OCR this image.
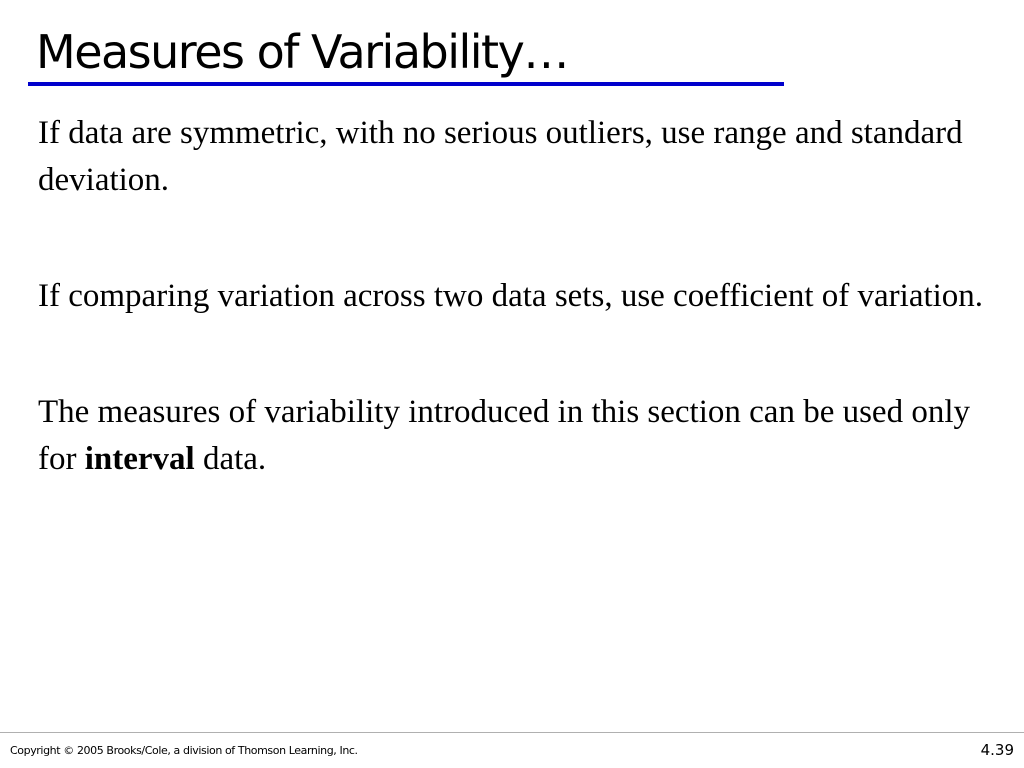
Measures of Variability…

If data are symmetric, with no serious outliers, use range and standard deviation.

If comparing variation across two data sets, use coefficient of variation.

The measures of variability introduced in this section can be used only for interval data.

Copyright © 2005 Brooks/Cole, a division of Thomson Learning, Inc.	4.39
